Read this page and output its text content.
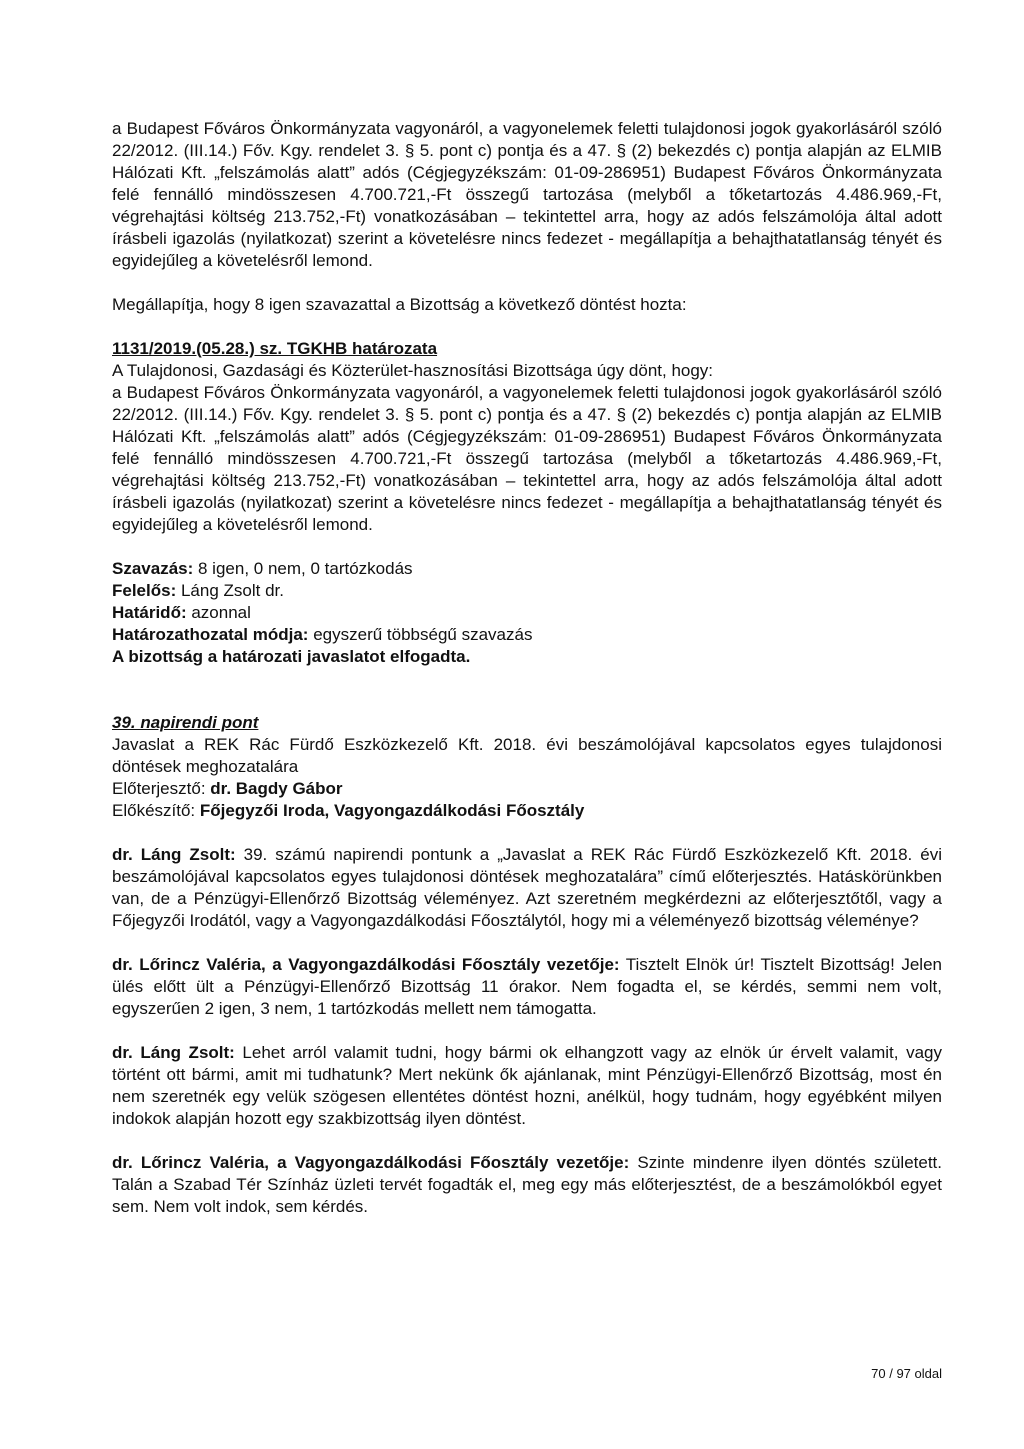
a Budapest Főváros Önkormányzata vagyonáról, a vagyonelemek feletti tulajdonosi jogok gyakorlásáról szóló 22/2012. (III.14.) Főv. Kgy. rendelet 3. § 5. pont c) pontja és a 47. § (2) bekezdés c) pontja alapján az ELMIB Hálózati Kft. „felszámolás alatt” adós (Cégjegyzékszám: 01-09-286951) Budapest Főváros Önkormányzata felé fennálló mindösszesen 4.700.721,-Ft összegű tartozása (melyből a tőketartozás 4.486.969,-Ft, végrehajtási költség 213.752,-Ft) vonatkozásában – tekintettel arra, hogy az adós felszámolója által adott írásbeli igazolás (nyilatkozat) szerint a követelésre nincs fedezet - megállapítja a behajthatatlanság tényét és egyidejűleg a követelésről lemond.

Megállapítja, hogy 8 igen szavazattal a Bizottság a következő döntést hozta:

1131/2019.(05.28.) sz. TGKHB határozata

A Tulajdonosi, Gazdasági és Közterület-hasznosítási Bizottsága úgy dönt, hogy:

a Budapest Főváros Önkormányzata vagyonáról, a vagyonelemek feletti tulajdonosi jogok gyakorlásáról szóló 22/2012. (III.14.) Főv. Kgy. rendelet 3. § 5. pont c) pontja és a 47. § (2) bekezdés c) pontja alapján az ELMIB Hálózati Kft. „felszámolás alatt” adós (Cégjegyzékszám: 01-09-286951) Budapest Főváros Önkormányzata felé fennálló mindösszesen 4.700.721,-Ft összegű tartozása (melyből a tőketartozás 4.486.969,-Ft, végrehajtási költség 213.752,-Ft) vonatkozásában – tekintettel arra, hogy az adós felszámolója által adott írásbeli igazolás (nyilatkozat) szerint a követelésre nincs fedezet - megállapítja a behajthatatlanság tényét és egyidejűleg a követelésről lemond.

Szavazás: 8 igen, 0 nem, 0 tartózkodás

Felelős: Láng Zsolt dr.

Határidő: azonnal

Határozathozatal módja: egyszerű többségű szavazás

A bizottság a határozati javaslatot elfogadta.

39. napirendi pont

Javaslat a REK Rác Fürdő Eszközkezelő Kft. 2018. évi beszámolójával kapcsolatos egyes tulajdonosi döntések meghozatalára

Előterjesztő: dr. Bagdy Gábor

Előkészítő: Főjegyzői Iroda, Vagyongazdálkodási Főosztály

dr. Láng Zsolt: 39. számú napirendi pontunk a „Javaslat a REK Rác Fürdő Eszközkezelő Kft. 2018. évi beszámolójával kapcsolatos egyes tulajdonosi döntések meghozatalára” című előterjesztés. Hatáskörünkben van, de a Pénzügyi-Ellenőrző Bizottság véleményez. Azt szeretném megkérdezni az előterjesztőtől, vagy a Főjegyzői Irodától, vagy a Vagyongazdálkodási Főosztálytól, hogy mi a véleményező bizottság véleménye?

dr. Lőrincz Valéria, a Vagyongazdálkodási Főosztály vezetője: Tisztelt Elnök úr! Tisztelt Bizottság! Jelen ülés előtt ült a Pénzügyi-Ellenőrző Bizottság 11 órakor. Nem fogadta el, se kérdés, semmi nem volt, egyszerűen 2 igen, 3 nem, 1 tartózkodás mellett nem támogatta.

dr. Láng Zsolt: Lehet arról valamit tudni, hogy bármi ok elhangzott vagy az elnök úr érvelt valamit, vagy történt ott bármi, amit mi tudhatunk? Mert nekünk ők ajánlanak, mint Pénzügyi-Ellenőrző Bizottság, most én nem szeretnék egy velük szögesen ellentétes döntést hozni, anélkül, hogy tudnám, hogy egyébként milyen indokok alapján hozott egy szakbizottság ilyen döntést.

dr. Lőrincz Valéria, a Vagyongazdálkodási Főosztály vezetője: Szinte mindenre ilyen döntés született. Talán a Szabad Tér Színház üzleti tervét fogadták el, meg egy más előterjesztést, de a beszámolókból egyet sem. Nem volt indok, sem kérdés.

70 / 97 oldal
